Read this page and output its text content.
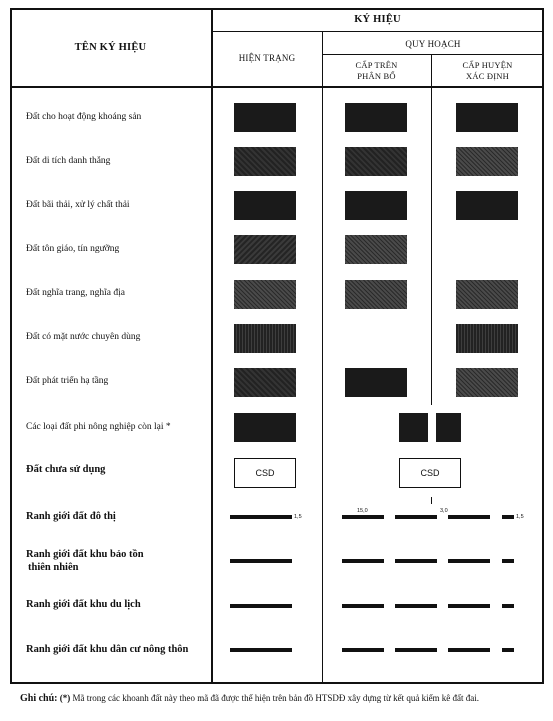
KÝ HIỆU
TÊN KÝ HIỆU
HIỆN TRẠNG
QUY HOẠCH
CẤP TRÊN
PHÂN BỔ
CẤP HUYỆN
XÁC ĐỊNH
Đất cho hoạt động khoáng sản
Đất di tích danh thắng
Đất bãi thải, xử lý chất thải
Đất tôn giáo, tín ngưỡng
Đất nghĩa trang, nghĩa địa
Đất có mặt nước chuyên dùng
Đất phát triển hạ tầng
Các loại đất phi nông nghiệp còn lại *
Đất chưa sử dụng
Ranh giới đất đô thị
Ranh giới đất khu bảo tồn
thiên nhiên
Ranh giới đất khu du lịch
Ranh giới đất khu dân cư nông thôn
CSD	CSD
1,5
15,0	3,0
1,5
Ghi chú: (*) Mã trong các khoanh đất này theo mã đã được thể hiện trên bản đồ HTSDĐ xây dựng từ kết quả kiểm kê đất đai.
